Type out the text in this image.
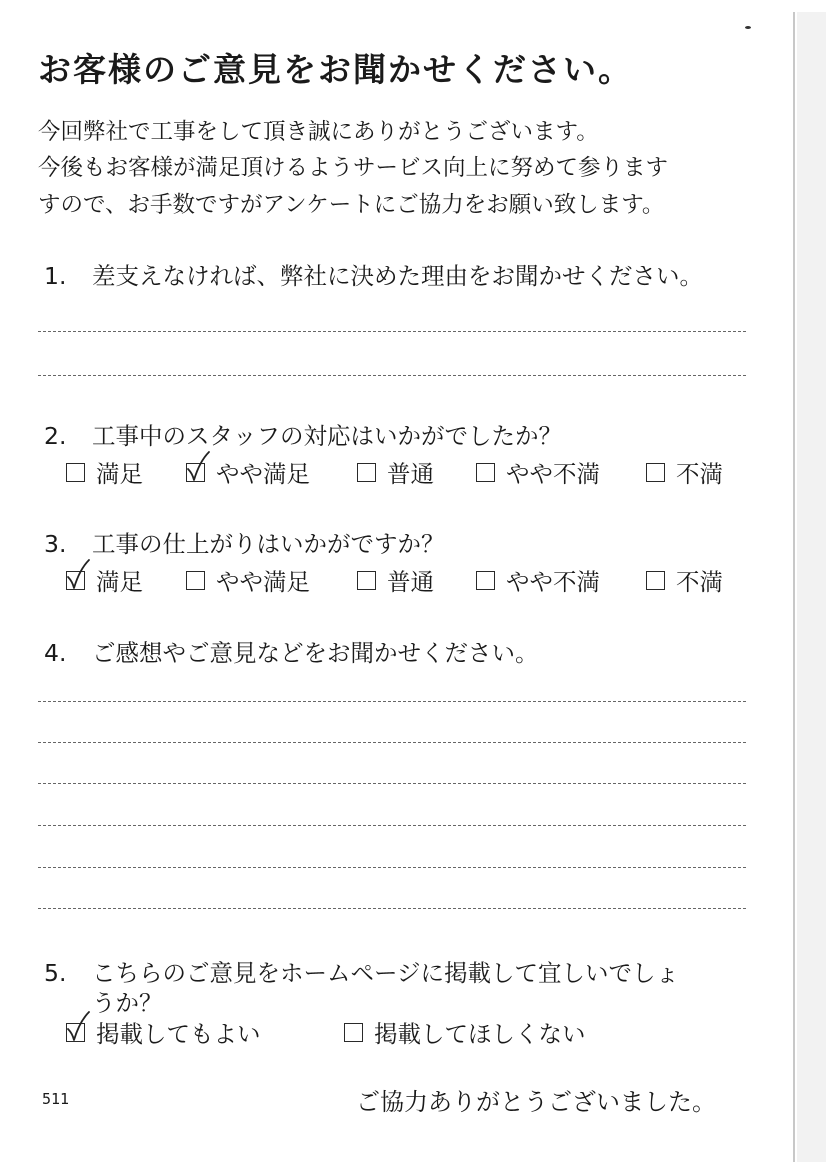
お客様のご意見をお聞かせください。
今回弊社で工事をして頂き誠にありがとうございます。
今後もお客様が満足頂けるようサービス向上に努めて参ります
すので、お手数ですがアンケートにご協力をお願い致します。
1. 差支えなければ、弊社に決めた理由をお聞かせください。
2. 工事中のスタッフの対応はいかがでしたか？
満足	やや満足	普通	やや不満	不満
3. 工事の仕上がりはいかがですか？
満足	やや満足	普通	やや不満	不満
4. ご感想やご意見などをお聞かせください。
5. こちらのご意見をホームページに掲載して宜しいでしょ
うか？
掲載してもよい	掲載してほしくない
511	ご協力ありがとうございました。
